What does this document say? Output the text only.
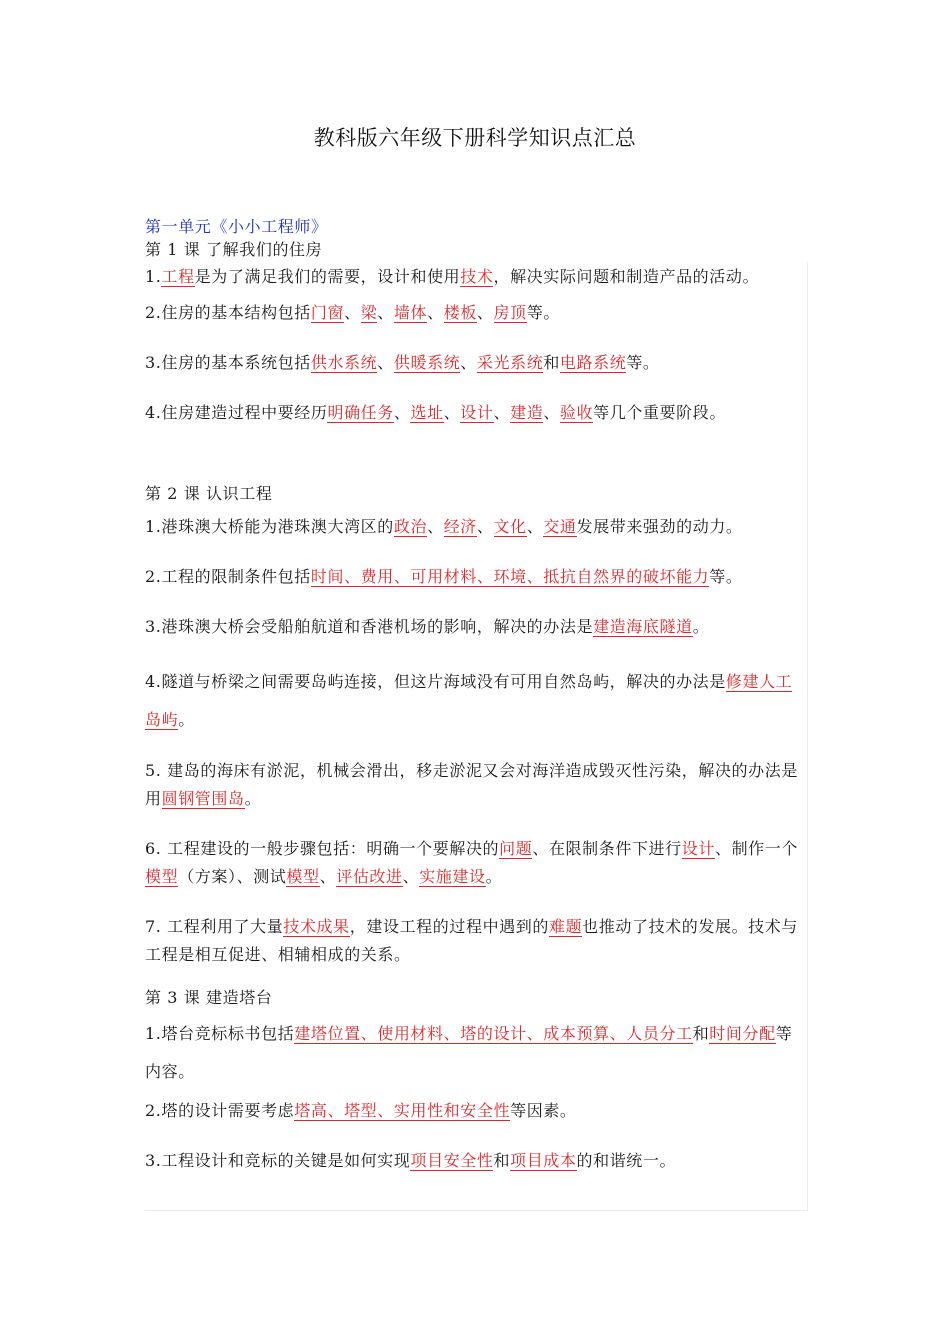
教科版六年级下册科学知识点汇总
第一单元《小小工程师》
第 1 课 了解我们的住房
1.工程是为了满足我们的需要，设计和使用技术，解决实际问题和制造产品的活动。
2.住房的基本结构包括门窗、梁、墙体、楼板、房顶等。
3.住房的基本系统包括供水系统、供暖系统、采光系统和电路系统等。
4.住房建造过程中要经历明确任务、选址、设计、建造、验收等几个重要阶段。
第 2 课 认识工程
1.港珠澳大桥能为港珠澳大湾区的政治、经济、文化、交通发展带来强劲的动力。
2.工程的限制条件包括时间、费用、可用材料、环境、抵抗自然界的破坏能力等。
3.港珠澳大桥会受船舶航道和香港机场的影响，解决的办法是建造海底隧道。
4.隧道与桥梁之间需要岛屿连接，但这片海域没有可用自然岛屿，解决的办法是修建人工岛屿。
5. 建岛的海床有淤泥，机械会滑出，移走淤泥又会对海洋造成毁灭性污染，解决的办法是用圆钢管围岛。
6. 工程建设的一般步骤包括：明确一个要解决的问题、在限制条件下进行设计、制作一个模型（方案）、测试模型、评估改进、实施建设。
7. 工程利用了大量技术成果，建设工程的过程中遇到的难题也推动了技术的发展。技术与工程是相互促进、相辅相成的关系。
第 3 课 建造塔台
1.塔台竞标标书包括建塔位置、使用材料、塔的设计、成本预算、人员分工和时间分配等内容。
2.塔的设计需要考虑塔高、塔型、实用性和安全性等因素。
3.工程设计和竞标的关键是如何实现项目安全性和项目成本的和谐统一。
